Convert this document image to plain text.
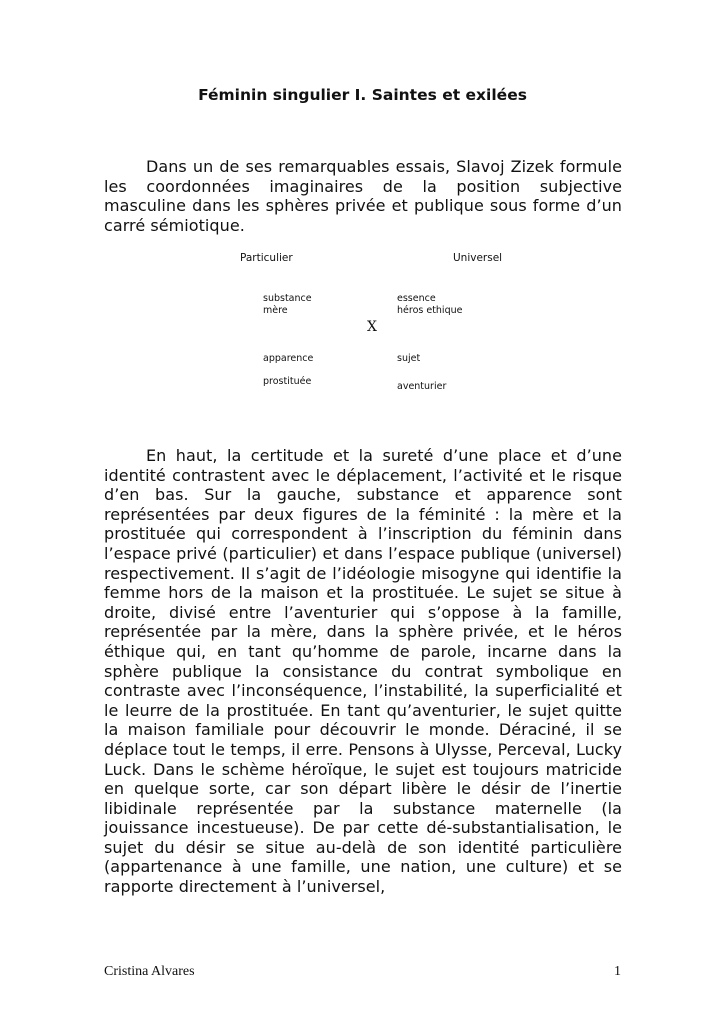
Féminin singulier I. Saintes et exilées

Dans un de ses remarquables essais, Slavoj Zizek formule les coordonnées imaginaires de la position subjective masculine dans les sphères privée et publique sous forme d’un carré sémiotique.

Particulier	Universel
substance
mère
essence
héros ethique
X
apparence
prostituée
sujet
aventurier

En haut, la certitude et la sureté d’une place et d’une identité contrastent avec le déplacement, l’activité et le risque d’en bas. Sur la gauche, substance et apparence sont représentées par deux figures de la féminité : la mère et la prostituée qui correspondent à l’inscription du féminin dans l’espace privé (particulier) et dans l’espace publique (universel) respectivement. Il s’agit de l’idéologie misogyne qui identifie la femme hors de la maison et la prostituée. Le sujet se situe à droite, divisé entre l’aventurier qui s’oppose à la famille, représentée par la mère, dans la sphère privée, et le héros éthique qui, en tant qu’homme de parole, incarne dans la sphère publique la consistance du contrat symbolique en contraste avec l’inconséquence, l’instabilité, la superficialité et le leurre de la prostituée. En tant qu’aventurier, le sujet quitte la maison familiale pour découvrir le monde. Déraciné, il se déplace tout le temps, il erre. Pensons à Ulysse, Perceval, Lucky Luck. Dans le schème héroïque, le sujet est toujours matricide en quelque sorte, car son départ libère le désir de l’inertie libidinale représentée par la substance maternelle (la jouissance incestueuse). De par cette dé-substantialisation, le sujet du désir se situe au-delà de son identité particulière (appartenance à une famille, une nation, une culture) et se rapporte directement à l’universel,

Cristina Alvares	1
